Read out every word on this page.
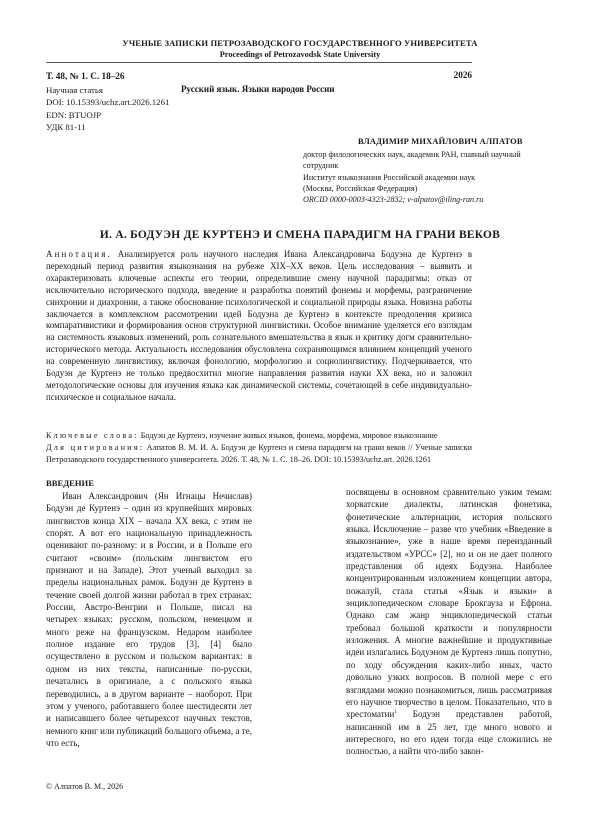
УЧЕНЫЕ ЗАПИСКИ ПЕТРОЗАВОДСКОГО ГОСУДАРСТВЕННОГО УНИВЕРСИТЕТА
Proceedings of Petrozavodsk State University
Т. 48, № 1. С. 18–26	2026
Научная статья
DOI: 10.15393/uchz.art.2026.1261
EDN: BTUOJP
УДК 81-11
Русский язык. Языки народов России
ВЛАДИМИР МИХАЙЛОВИЧ АЛПАТОВ
доктор филологических наук, академик РАН, главный научный сотрудник
Институт языкознания Российской академии наук
(Москва, Российская Федерация)
ORCID 0000-0003-4323-2832; v-alpatov@iling-ran.ru
И. А. БОДУЭН ДЕ КУРТЕНЭ И СМЕНА ПАРАДИГМ НА ГРАНИ ВЕКОВ
Аннотация. Анализируется роль научного наследия Ивана Александровича Бодуэна де Куртенэ в переходный период развития языкознания на рубеже XIX–XX веков. Цель исследования – выявить и охарактеризовать ключевые аспекты его теории, определившие смену научной парадигмы: отказ от исключительно исторического подхода, введение и разработка понятий фонемы и морфемы, разграничение синхронии и диахронии, а также обоснование психологической и социальной природы языка. Новизна работы заключается в комплексном рассмотрении идей Бодуэна де Куртенэ в контексте преодоления кризиса компаративистики и формирования основ структурной лингвистики. Особое внимание уделяется его взглядам на системность языковых изменений, роль сознательного вмешательства в язык и критику догм сравнительно-исторического метода. Актуальность исследования обусловлена сохраняющимся влиянием концепций ученого на современную лингвистику, включая фонологию, морфологию и социолингвистику. Подчеркивается, что Бодуэн де Куртенэ не только предвосхитил многие направления развития науки XX века, но и заложил методологические основы для изучения языка как динамической системы, сочетающей в себе индивидуально-психическое и социальное начала.
Ключевые слова: Бодуэн де Куртенэ, изучение живых языков, фонема, морфема, мировое языкознание
Для цитирования: Алпатов В. М. И. А. Бодуэн де Куртенэ и смена парадигм на грани веков // Ученые записки Петрозаводского государственного университета. 2026. Т. 48, № 1. С. 18–26. DOI: 10.15393/uchz.art. 2026.1261
ВВЕДЕНИЕ
Иван Александрович (Ян Игнацы Нечислав) Бодуэн де Куртенэ – один из крупнейших мировых лингвистов конца XIX – начала XX века, с этим не спорят. А вот его национальную принадлежность оценивают по-разному: и в России, и в Польше его считают «своим» (польским лингвистом его признают и на Западе). Этот ученый выходил за пределы национальных рамок. Бодуэн де Куртенэ в течение своей долгой жизни работал в трех странах: России, Австро-Венгрии и Польше, писал на четырех языках: русском, польском, немецком и много реже на французском. Недаром наиболее полное издание его трудов [3], [4] было осуществлено в русском и польском вариантах: в одном из них тексты, написанные по-русски, печатались в оригинале, а с польского языка переводились, а в другом варианте – наоборот. При этом у ученого, работавшего более шестидесяти лет и написавшего более четырехсот научных текстов, немного книг или публикаций большого объема, а те, что есть,
посвящены в основном сравнительно узким темам: хорватские диалекты, латинская фонетика, фонетические альтернации, история польского языка. Исключение – разве что учебник «Введение в языкознание», уже в наше время переизданный издательством «УРСС» [2], но и он не дает полного представления об идеях Бодуэна. Наиболее концентрированным изложением концепции автора, пожалуй, стала статья «Язык и языки» в энциклопедическом словаре Брокгауза и Ефрона. Однако сам жанр энциклопедической статьи требовал большой краткости и популярности изложения. А многие важнейшие и продуктивные идеи излагались Бодуэном де Куртенэ лишь попутно, по ходу обсуждения каких-либо иных, часто довольно узких вопросов. В полной мере с его взглядами можно познакомиться, лишь рассматривая его научное творчество в целом. Показательно, что в хрестоматии$^1$ Бодуэн представлен работой, написанной им в 25 лет, где много нового и интересного, но его идеи тогда еще сложились не полностью, а найти что-либо закон-
© Алпатов В. М., 2026
